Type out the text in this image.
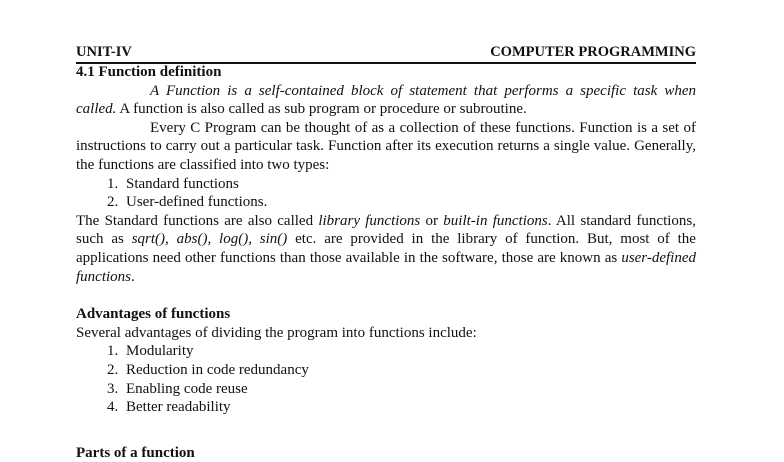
UNIT-IV	COMPUTER PROGRAMMING
4.1 Function definition

A Function is a self-contained block of statement that performs a specific task when called. A function is also called as sub program or procedure or subroutine.

Every C Program can be thought of as a collection of these functions. Function is a set of instructions to carry out a particular task. Function after its execution returns a single value. Generally, the functions are classified into two types:

1. Standard functions
2. User-defined functions.

The Standard functions are also called library functions or built-in functions. All standard functions, such as sqrt(), abs(), log(), sin() etc. are provided in the library of function. But, most of the applications need other functions than those available in the software, those are known as user-defined functions.

Advantages of functions

Several advantages of dividing the program into functions include:

1. Modularity
2. Reduction in code redundancy
3. Enabling code reuse
4. Better readability
Parts of a function
